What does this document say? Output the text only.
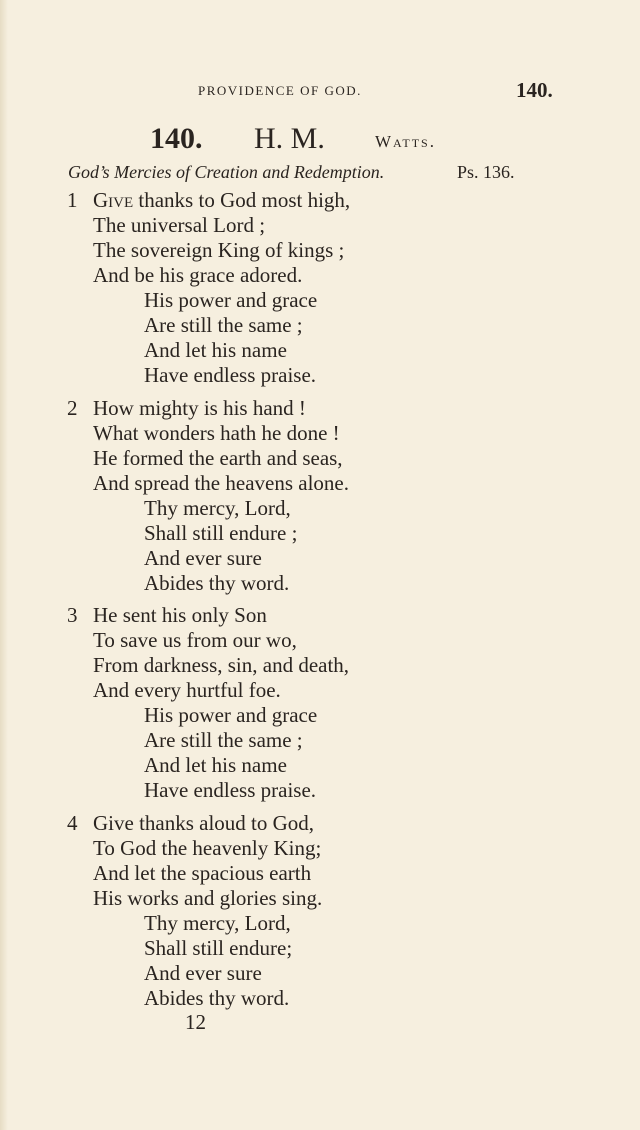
PROVIDENCE OF GOD.	140.
140. H. M.	Watts.
God’s Mercies of Creation and Redemption.	Ps. 136.
1 Give thanks to God most high,
The universal Lord ;
The sovereign King of kings ;
And be his grace adored.
His power and grace
Are still the same ;
And let his name
Have endless praise.
2 How mighty is his hand !
What wonders hath he done !
He formed the earth and seas,
And spread the heavens alone.
Thy mercy, Lord,
Shall still endure ;
And ever sure
Abides thy word.
3 He sent his only Son
To save us from our wo,
From darkness, sin, and death,
And every hurtful foe.
His power and grace
Are still the same ;
And let his name
Have endless praise.
4 Give thanks aloud to God,
To God the heavenly King;
And let the spacious earth
His works and glories sing.
Thy mercy, Lord,
Shall still endure;
And ever sure
Abides thy word.
12
